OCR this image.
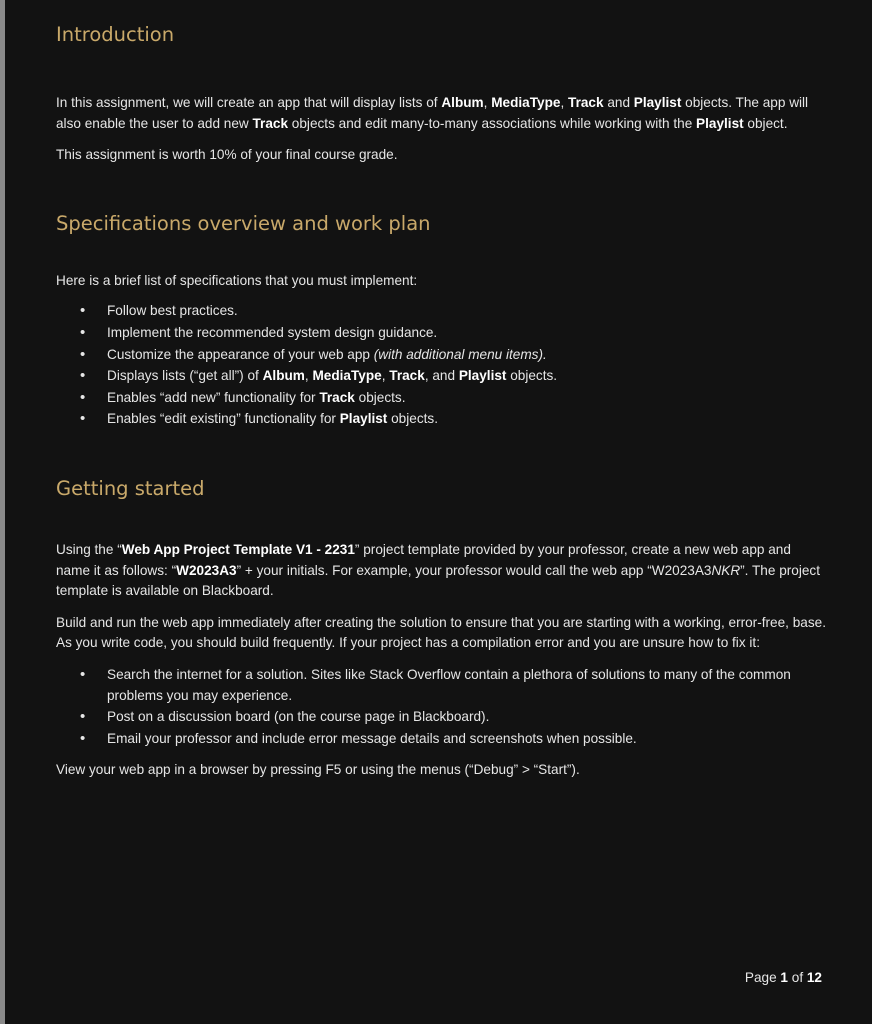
Introduction

In this assignment, we will create an app that will display lists of Album, MediaType, Track and Playlist objects. The app will also enable the user to add new Track objects and edit many-to-many associations while working with the Playlist object.

This assignment is worth 10% of your final course grade.

Specifications overview and work plan

Here is a brief list of specifications that you must implement:

• Follow best practices.
• Implement the recommended system design guidance.
• Customize the appearance of your web app (with additional menu items).
• Displays lists (“get all”) of Album, MediaType, Track, and Playlist objects.
• Enables “add new” functionality for Track objects.
• Enables “edit existing” functionality for Playlist objects.
Getting started

Using the “Web App Project Template V1 - 2231” project template provided by your professor, create a new web app and name it as follows: “W2023A3” + your initials. For example, your professor would call the web app “W2023A3NKR”. The project template is available on Blackboard.

Build and run the web app immediately after creating the solution to ensure that you are starting with a working, error-free, base. As you write code, you should build frequently. If your project has a compilation error and you are unsure how to fix it:

• Search the internet for a solution. Sites like Stack Overflow contain a plethora of solutions to many of the common problems you may experience.
• Post on a discussion board (on the course page in Blackboard).
• Email your professor and include error message details and screenshots when possible.

View your web app in a browser by pressing F5 or using the menus (“Debug” > “Start”).

Page 1 of 12
